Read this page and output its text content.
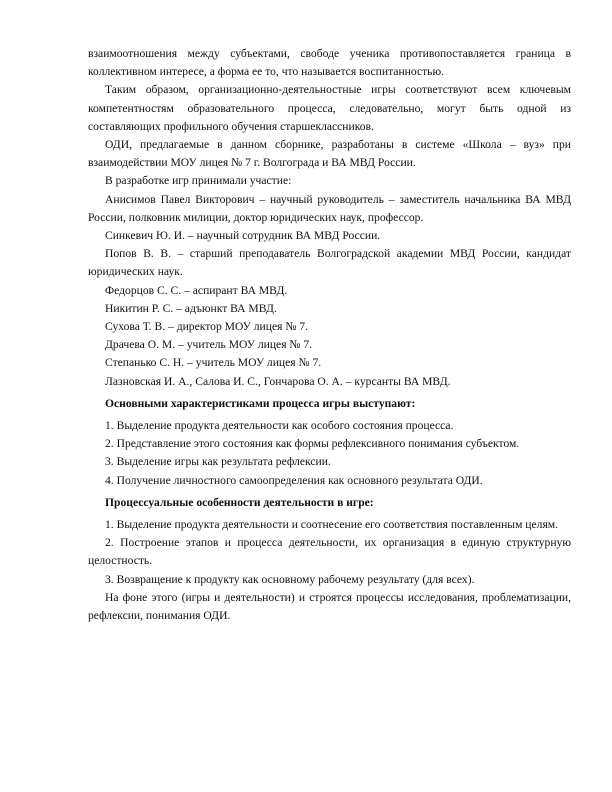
взаимоотношения между субъектами, свободе ученика противопоставляется граница в коллективном интересе, а форма ее то, что называется воспитанностью.

Таким образом, организационно-деятельностные игры соответствуют всем ключевым компетентностям образовательного процесса, следовательно, могут быть одной из составляющих профильного обучения старшеклассников.

ОДИ, предлагаемые в данном сборнике, разработаны в системе «Школа – вуз» при взаимодействии МОУ лицея № 7 г. Волгограда и ВА МВД России.

В разработке игр принимали участие:

Анисимов Павел Викторович – научный руководитель – заместитель начальника ВА МВД России, полковник милиции, доктор юридических наук, профессор.

Синкевич Ю. И. – научный сотрудник ВА МВД России.

Попов В. В. – старший преподаватель Волгоградской академии МВД России, кандидат юридических наук.

Федорцов С. С. – аспирант ВА МВД.

Никитин Р. С. – адъюнкт ВА МВД.

Сухова Т. В. – директор МОУ лицея № 7.

Драчева О. М. – учитель МОУ лицея № 7.

Степанько С. Н. – учитель МОУ лицея № 7.

Лазновская И. А., Салова И. С., Гончарова О. А. – курсанты ВА МВД.

Основными характеристиками процесса игры выступают:

1. Выделение продукта деятельности как особого состояния процесса.

2. Представление этого состояния как формы рефлексивного понимания субъектом.

3. Выделение игры как результата рефлексии.

4. Получение личностного самоопределения как основного результата ОДИ.

Процессуальные особенности деятельности в игре:

1. Выделение продукта деятельности и соотнесение его соответствия поставленным целям.

2. Построение этапов и процесса деятельности, их организация в единую структурную целостность.

3. Возвращение к продукту как основному рабочему результату (для всех).

На фоне этого (игры и деятельности) и строятся процессы исследования, проблематизации, рефлексии, понимания ОДИ.
